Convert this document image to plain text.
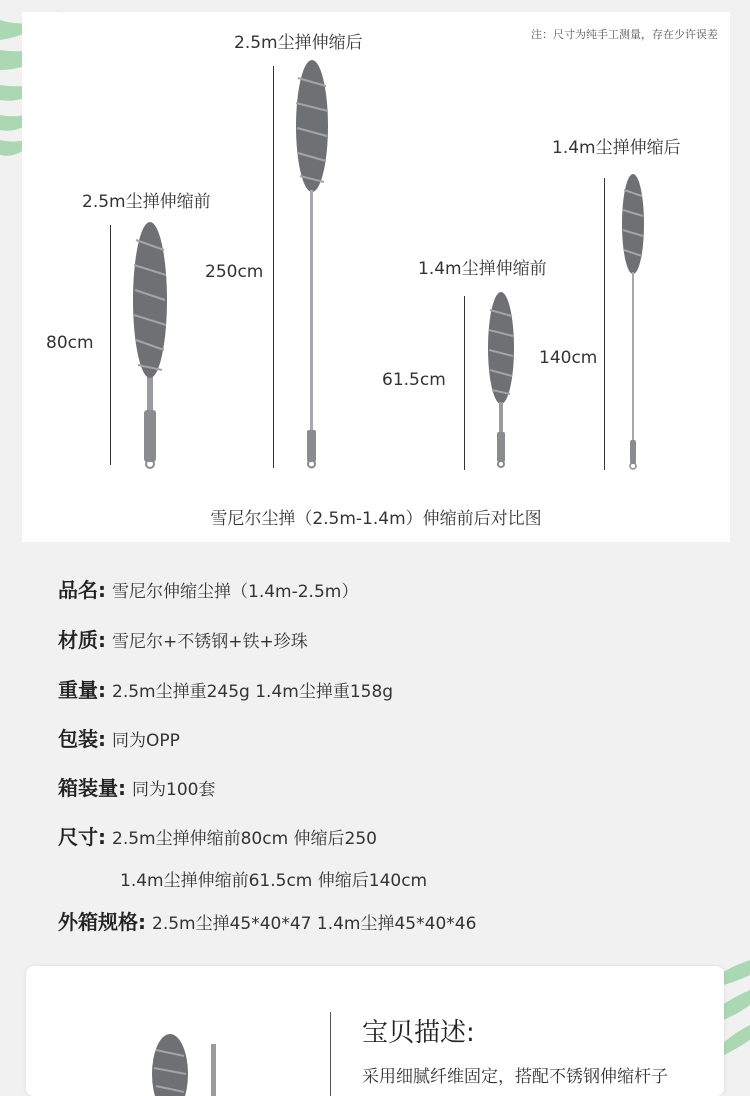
注：尺寸为纯手工测量，存在少许误差
2.5m尘掸伸缩后
250cm
2.5m尘掸伸缩前
80cm
1.4m尘掸伸缩前
61.5cm
1.4m尘掸伸缩后
140cm
雪尼尔尘掸（2.5m-1.4m）伸缩前后对比图
品名: 雪尼尔伸缩尘掸（1.4m-2.5m）
材质: 雪尼尔+不锈钢+铁+珍珠
重量: 2.5m尘掸重245g 1.4m尘掸重158g
包装: 同为OPP
箱装量: 同为100套
尺寸: 2.5m尘掸伸缩前80cm 伸缩后250
1.4m尘掸伸缩前61.5cm 伸缩后140cm
外箱规格: 2.5m尘掸45*40*47 1.4m尘掸45*40*46
宝贝描述:
采用细腻纤维固定，搭配不锈钢伸缩杆子
